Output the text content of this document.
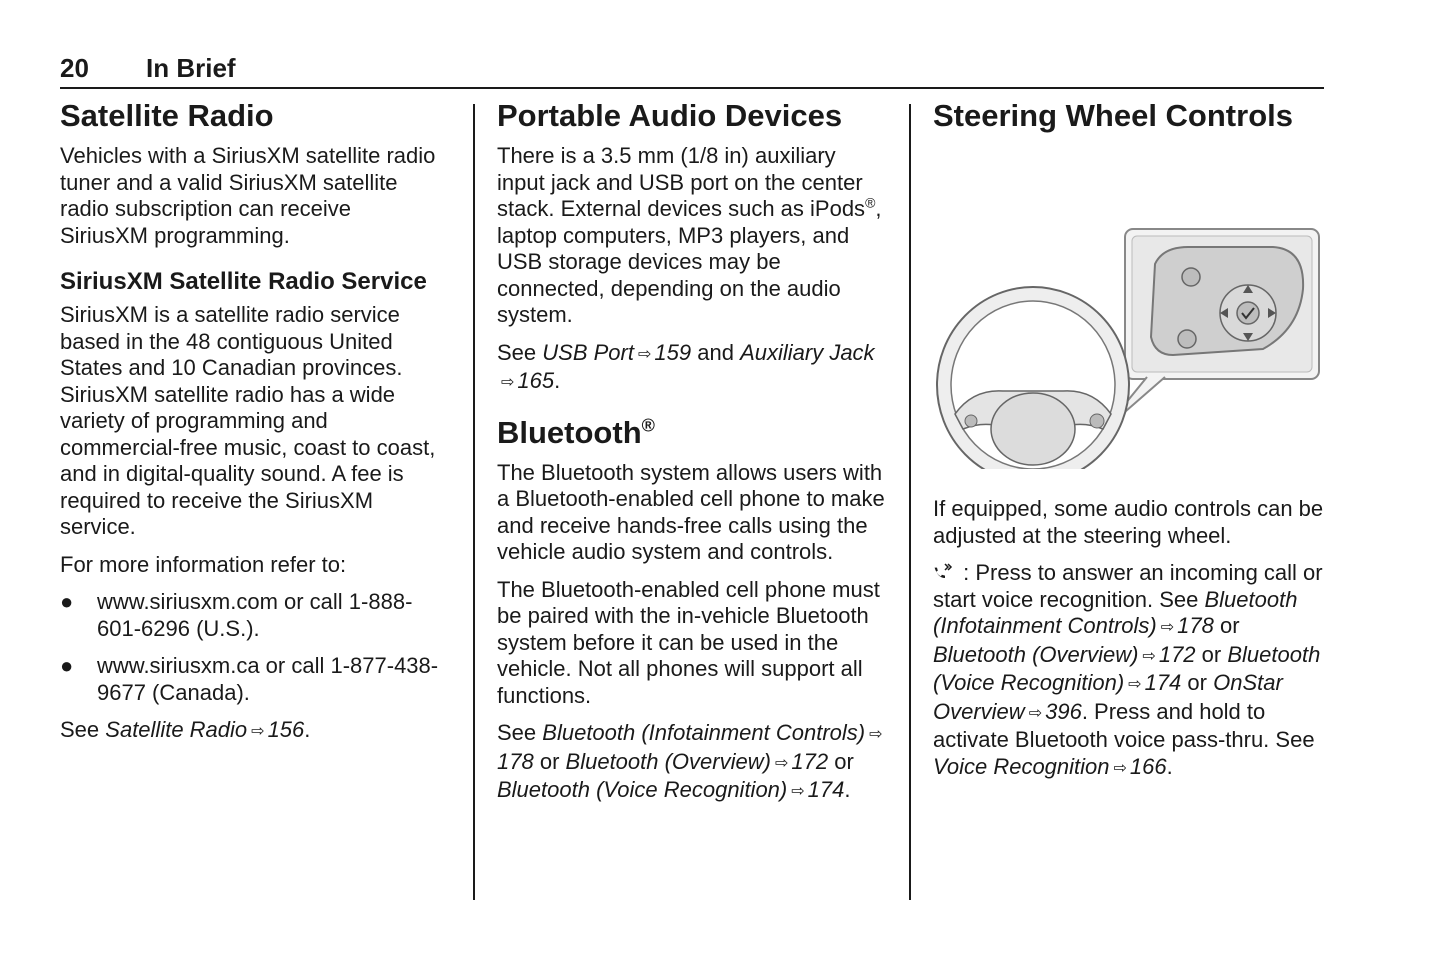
20 In Brief
Satellite Radio

Vehicles with a SiriusXM satellite radio tuner and a valid SiriusXM satellite radio subscription can receive SiriusXM programming.

SiriusXM Satellite Radio Service

SiriusXM is a satellite radio service based in the 48 contiguous United States and 10 Canadian provinces. SiriusXM satellite radio has a wide variety of programming and commercial-free music, coast to coast, and in digital-quality sound. A fee is required to receive the SiriusXM service.

For more information refer to:

●	www.siriusxm.com or call 1-888-601-6296 (U.S.).
●	www.siriusxm.ca or call 1-877-438-9677 (Canada).

See Satellite Radio ⇨ 156.

Portable Audio Devices

There is a 3.5 mm (1/8 in) auxiliary input jack and USB port on the center stack. External devices such as iPods®, laptop computers, MP3 players, and USB storage devices may be connected, depending on the audio system.

See USB Port ⇨ 159 and Auxiliary Jack⇨ 165.

Bluetooth®

The Bluetooth system allows users with a Bluetooth-enabled cell phone to make and receive hands-free calls using the vehicle audio system and controls.

The Bluetooth-enabled cell phone must be paired with the in-vehicle Bluetooth system before it can be used in the vehicle. Not all phones will support all functions.

See Bluetooth (Infotainment Controls) ⇨178 or Bluetooth (Overview) ⇨ 172 or Bluetooth (Voice Recognition) ⇨ 174.

Steering Wheel Controls

If equipped, some audio controls can be adjusted at the steering wheel.

: Press to answer an incoming call or start voice recognition. See Bluetooth (Infotainment Controls) ⇨ 178 or Bluetooth (Overview) ⇨ 172 or Bluetooth (Voice Recognition) ⇨ 174 or OnStar Overview ⇨ 396. Press and hold to activate Bluetooth voice pass-thru. See Voice Recognition ⇨ 166.
